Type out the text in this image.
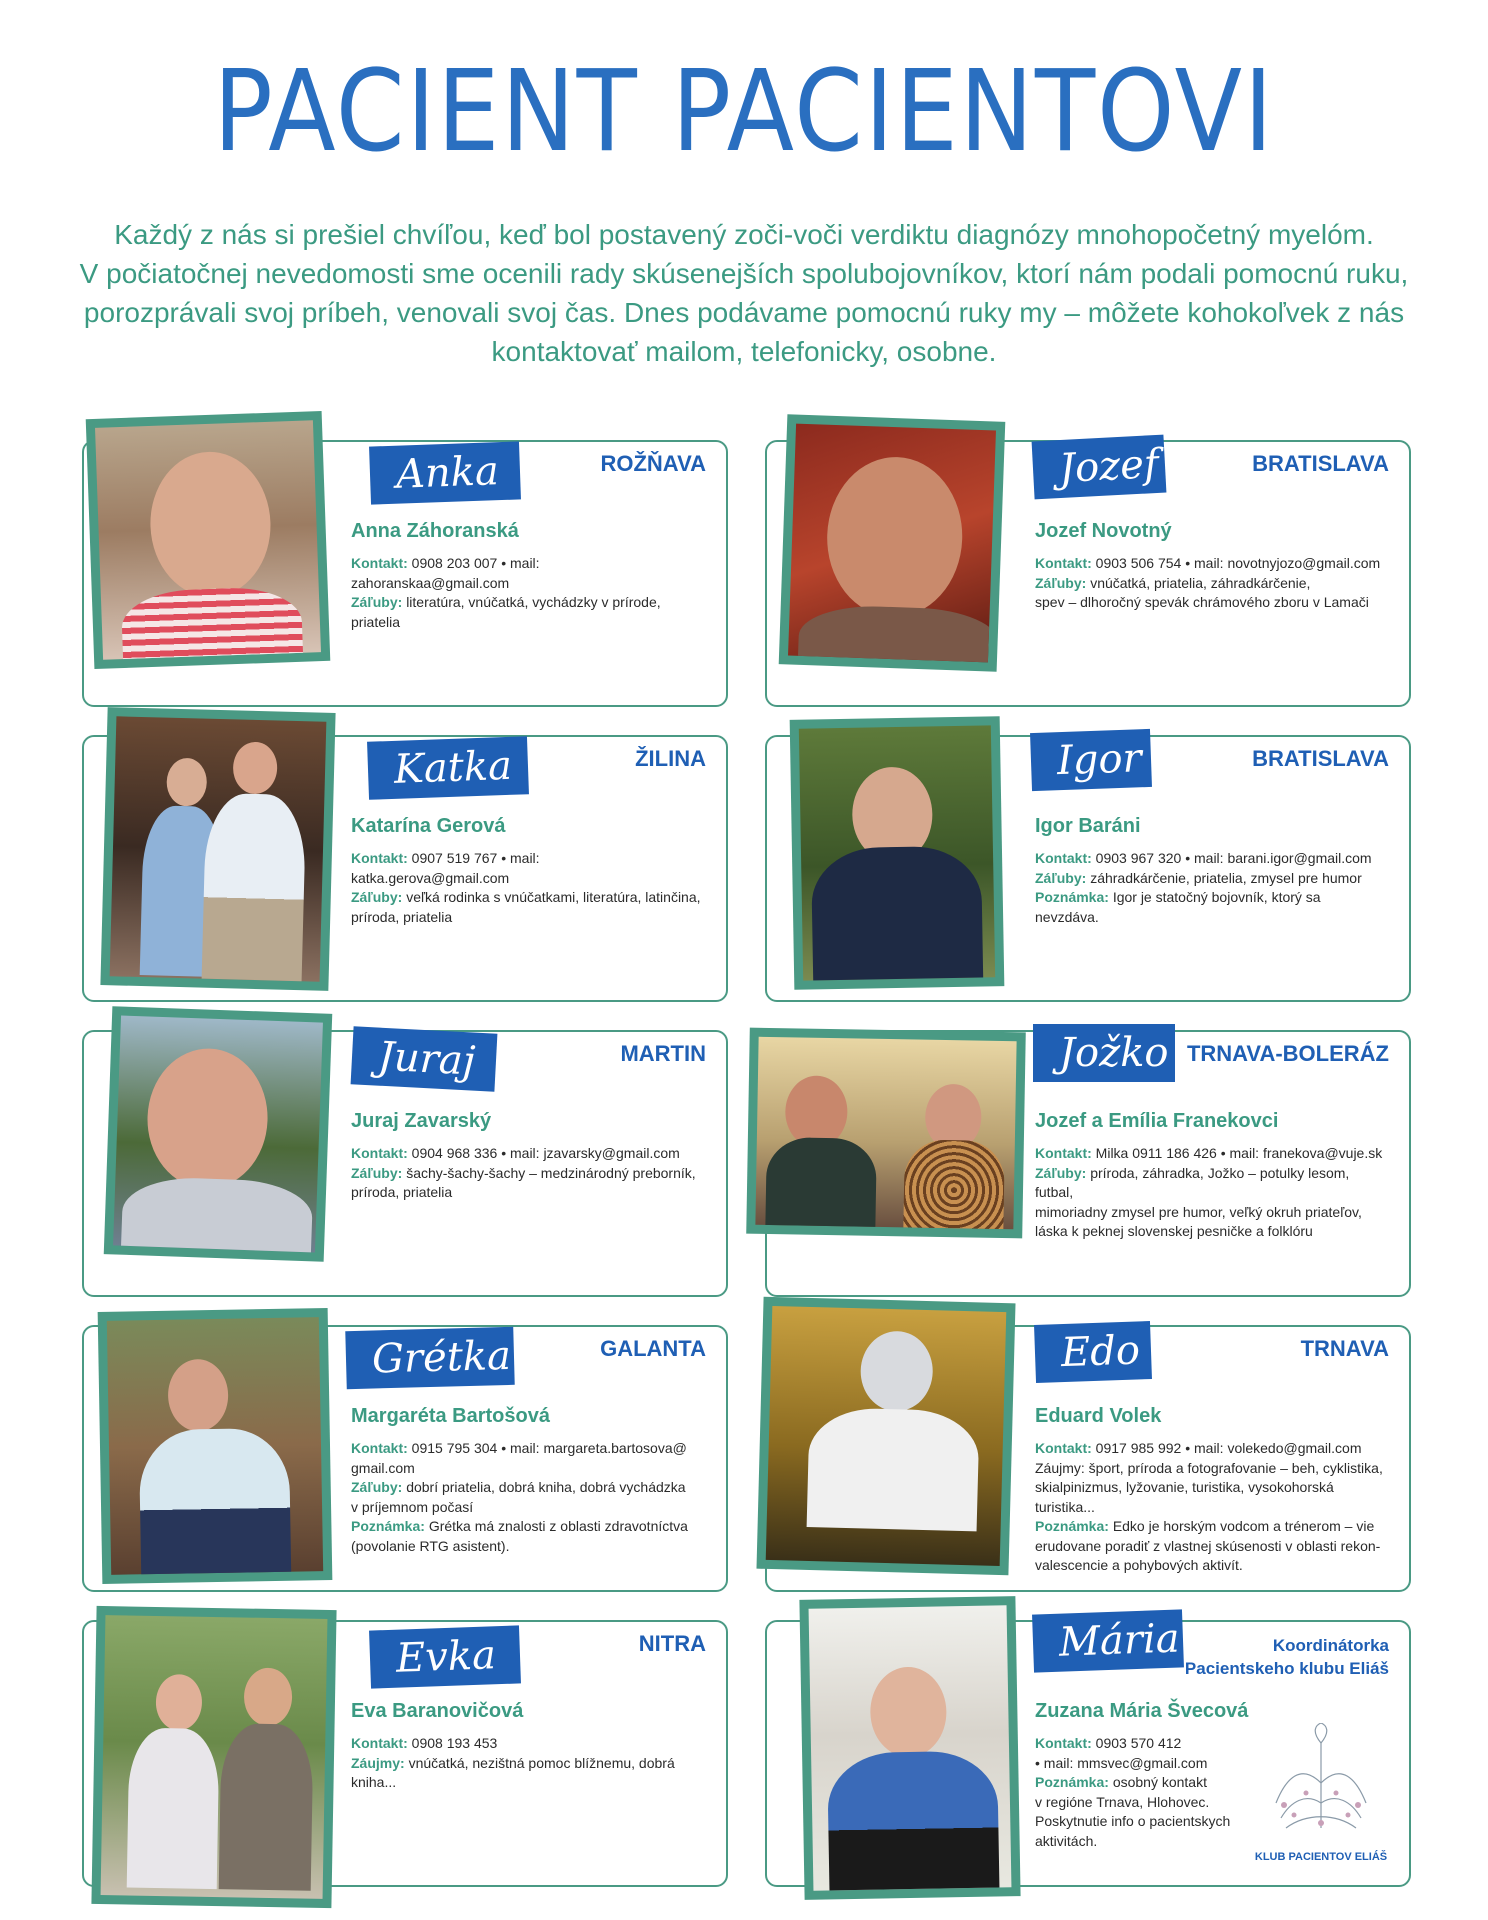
PACIENT PACIENTOVI
Každý z nás si prešiel chvíľou, keď bol postavený zoči-voči verdiktu diagnózy mnohopočetný myelóm.
V počiatočnej nevedomosti sme ocenili rady skúsenejších spolubojovníkov, ktorí nám podali pomocnú ruku,
porozprávali svoj príbeh, venovali svoj čas. Dnes podávame pomocnú ruky my – môžete kohokoľvek z nás
kontaktovať mailom, telefonicky, osobne.
Anka	ROŽŇAVA
Anna Záhoranská
Kontakt: 0908 203 007 • mail: zahoranskaa@gmail.com
Záľuby: literatúra, vnúčatká, vychádzky v prírode, priatelia
Jozef	BRATISLAVA
Jozef Novotný
Kontakt: 0903 506 754 • mail: novotnyjozo@gmail.com
Záľuby: vnúčatká, priatelia, záhradkárčenie,
spev – dlhoročný spevák chrámového zboru v Lamači
Katka	ŽILINA
Katarína Gerová
Kontakt: 0907 519 767 • mail: katka.gerova@gmail.com
Záľuby: veľká rodinka s vnúčatkami, literatúra, latinčina,
príroda, priatelia
Igor	BRATISLAVA
Igor Baráni
Kontakt: 0903 967 320 • mail: barani.igor@gmail.com
Záľuby: záhradkárčenie, priatelia, zmysel pre humor
Poznámka: Igor je statočný bojovník, ktorý sa nevzdáva.
Juraj	MARTIN
Juraj Zavarský
Kontakt: 0904 968 336 • mail: jzavarsky@gmail.com
Záľuby: šachy-šachy-šachy – medzinárodný preborník,
príroda, priatelia
Jožko TRNAVA-BOLERÁZ
Jozef a Emília Franekovci
Kontakt: Milka 0911 186 426 • mail: franekova@vuje.sk
Záľuby: príroda, záhradka, Jožko – potulky lesom, futbal,
mimoriadny zmysel pre humor, veľký okruh priateľov,
láska k peknej slovenskej pesničke a folklóru
Grétka	GALANTA
Margaréta Bartošová
Kontakt: 0915 795 304 • mail: margareta.bartosova@
gmail.com
Záľuby: dobrí priatelia, dobrá kniha, dobrá vychádzka
v príjemnom počasí
Poznámka: Grétka má znalosti z oblasti zdravotníctva
(povolanie RTG asistent).
Edo	TRNAVA
Eduard Volek
Kontakt: 0917 985 992 • mail: volekedo@gmail.com
Záujmy: šport, príroda a fotografovanie – beh, cyklistika,
skialpinizmus, lyžovanie, turistika, vysokohorská turistika...
Poznámka: Edko je horským vodcom a trénerom – vie
erudovane poradiť z vlastnej skúsenosti v oblasti rekon-
valescencie a pohybových aktivít.
Evka	NITRA
Eva Baranovičová
Kontakt: 0908 193 453
Záujmy: vnúčatká, nezištná pomoc blížnemu, dobrá
kniha...
Mária	Koordinátorka
Pacientskeho klubu Eliáš
Zuzana Mária Švecová
Kontakt: 0903 570 412
• mail: mmsvec@gmail.com
Poznámka: osobný kontakt
v regióne Trnava, Hlohovec.
Poskytnutie info o pacientskych
aktivitách.
KLUB PACIENTOV ELIÁŠ
